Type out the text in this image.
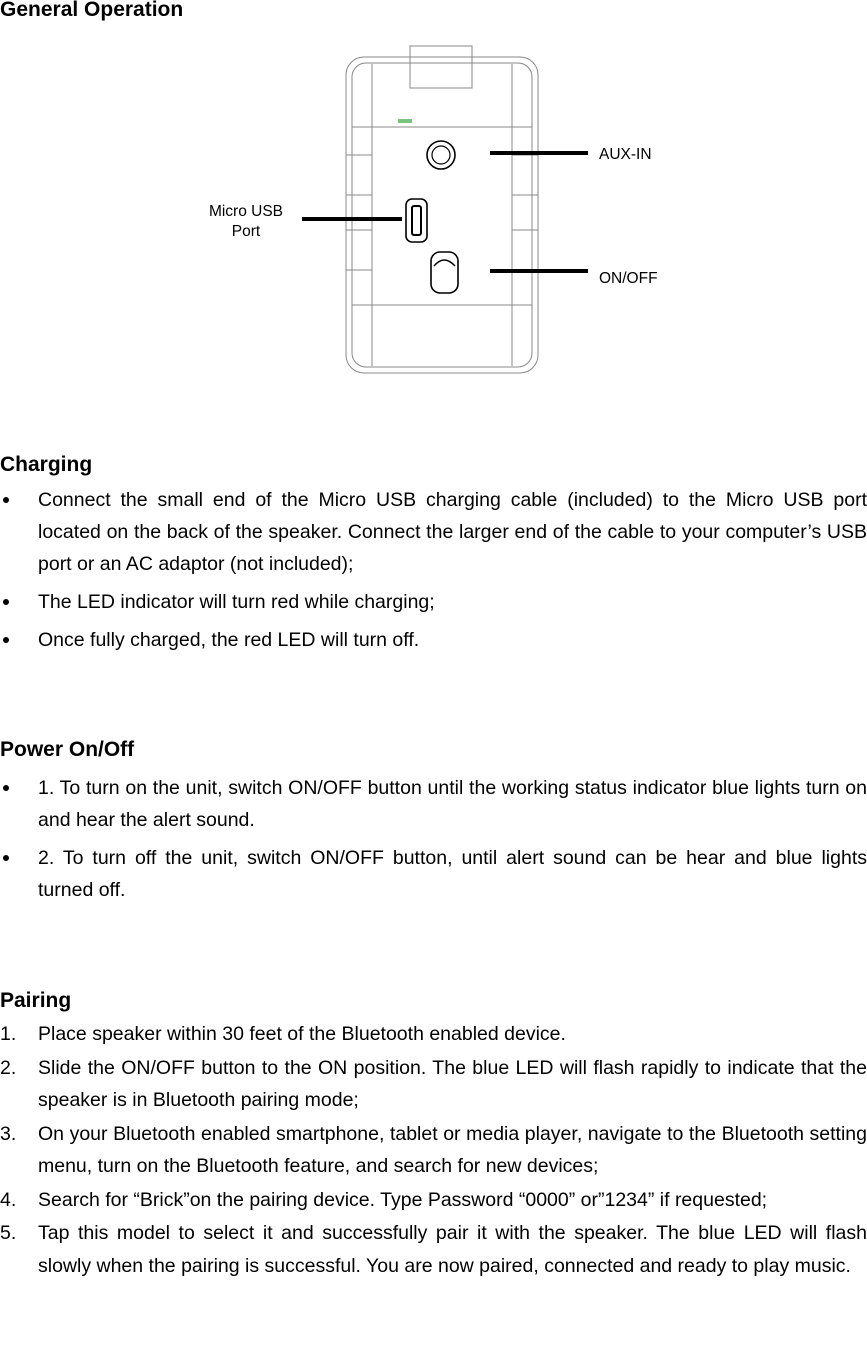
General Operation
AUX-IN
Micro USB
Port
ON/OFF
Charging
Connect the small end of the Micro USB charging cable (included) to the Micro USB port located on the back of the speaker. Connect the larger end of the cable to your computer’s USB port or an AC adaptor (not included);
The LED indicator will turn red while charging;
Once fully charged, the red LED will turn off.
Power On/Off
1. To turn on the unit, switch ON/OFF button until the working status indicator blue lights turn on and hear the alert sound.
2. To turn off the unit, switch ON/OFF button, until alert sound can be hear and blue lights turned off.
Pairing
1. Place speaker within 30 feet of the Bluetooth enabled device.
2. Slide the ON/OFF button to the ON position. The blue LED will flash rapidly to indicate that the speaker is in Bluetooth pairing mode;
3. On your Bluetooth enabled smartphone, tablet or media player, navigate to the Bluetooth setting menu, turn on the Bluetooth feature, and search for new devices;
4. Search for “Brick”on the pairing device. Type Password “0000” or”1234” if requested;
5. Tap this model to select it and successfully pair it with the speaker. The blue LED will flash slowly when the pairing is successful. You are now paired, connected and ready to play music.
